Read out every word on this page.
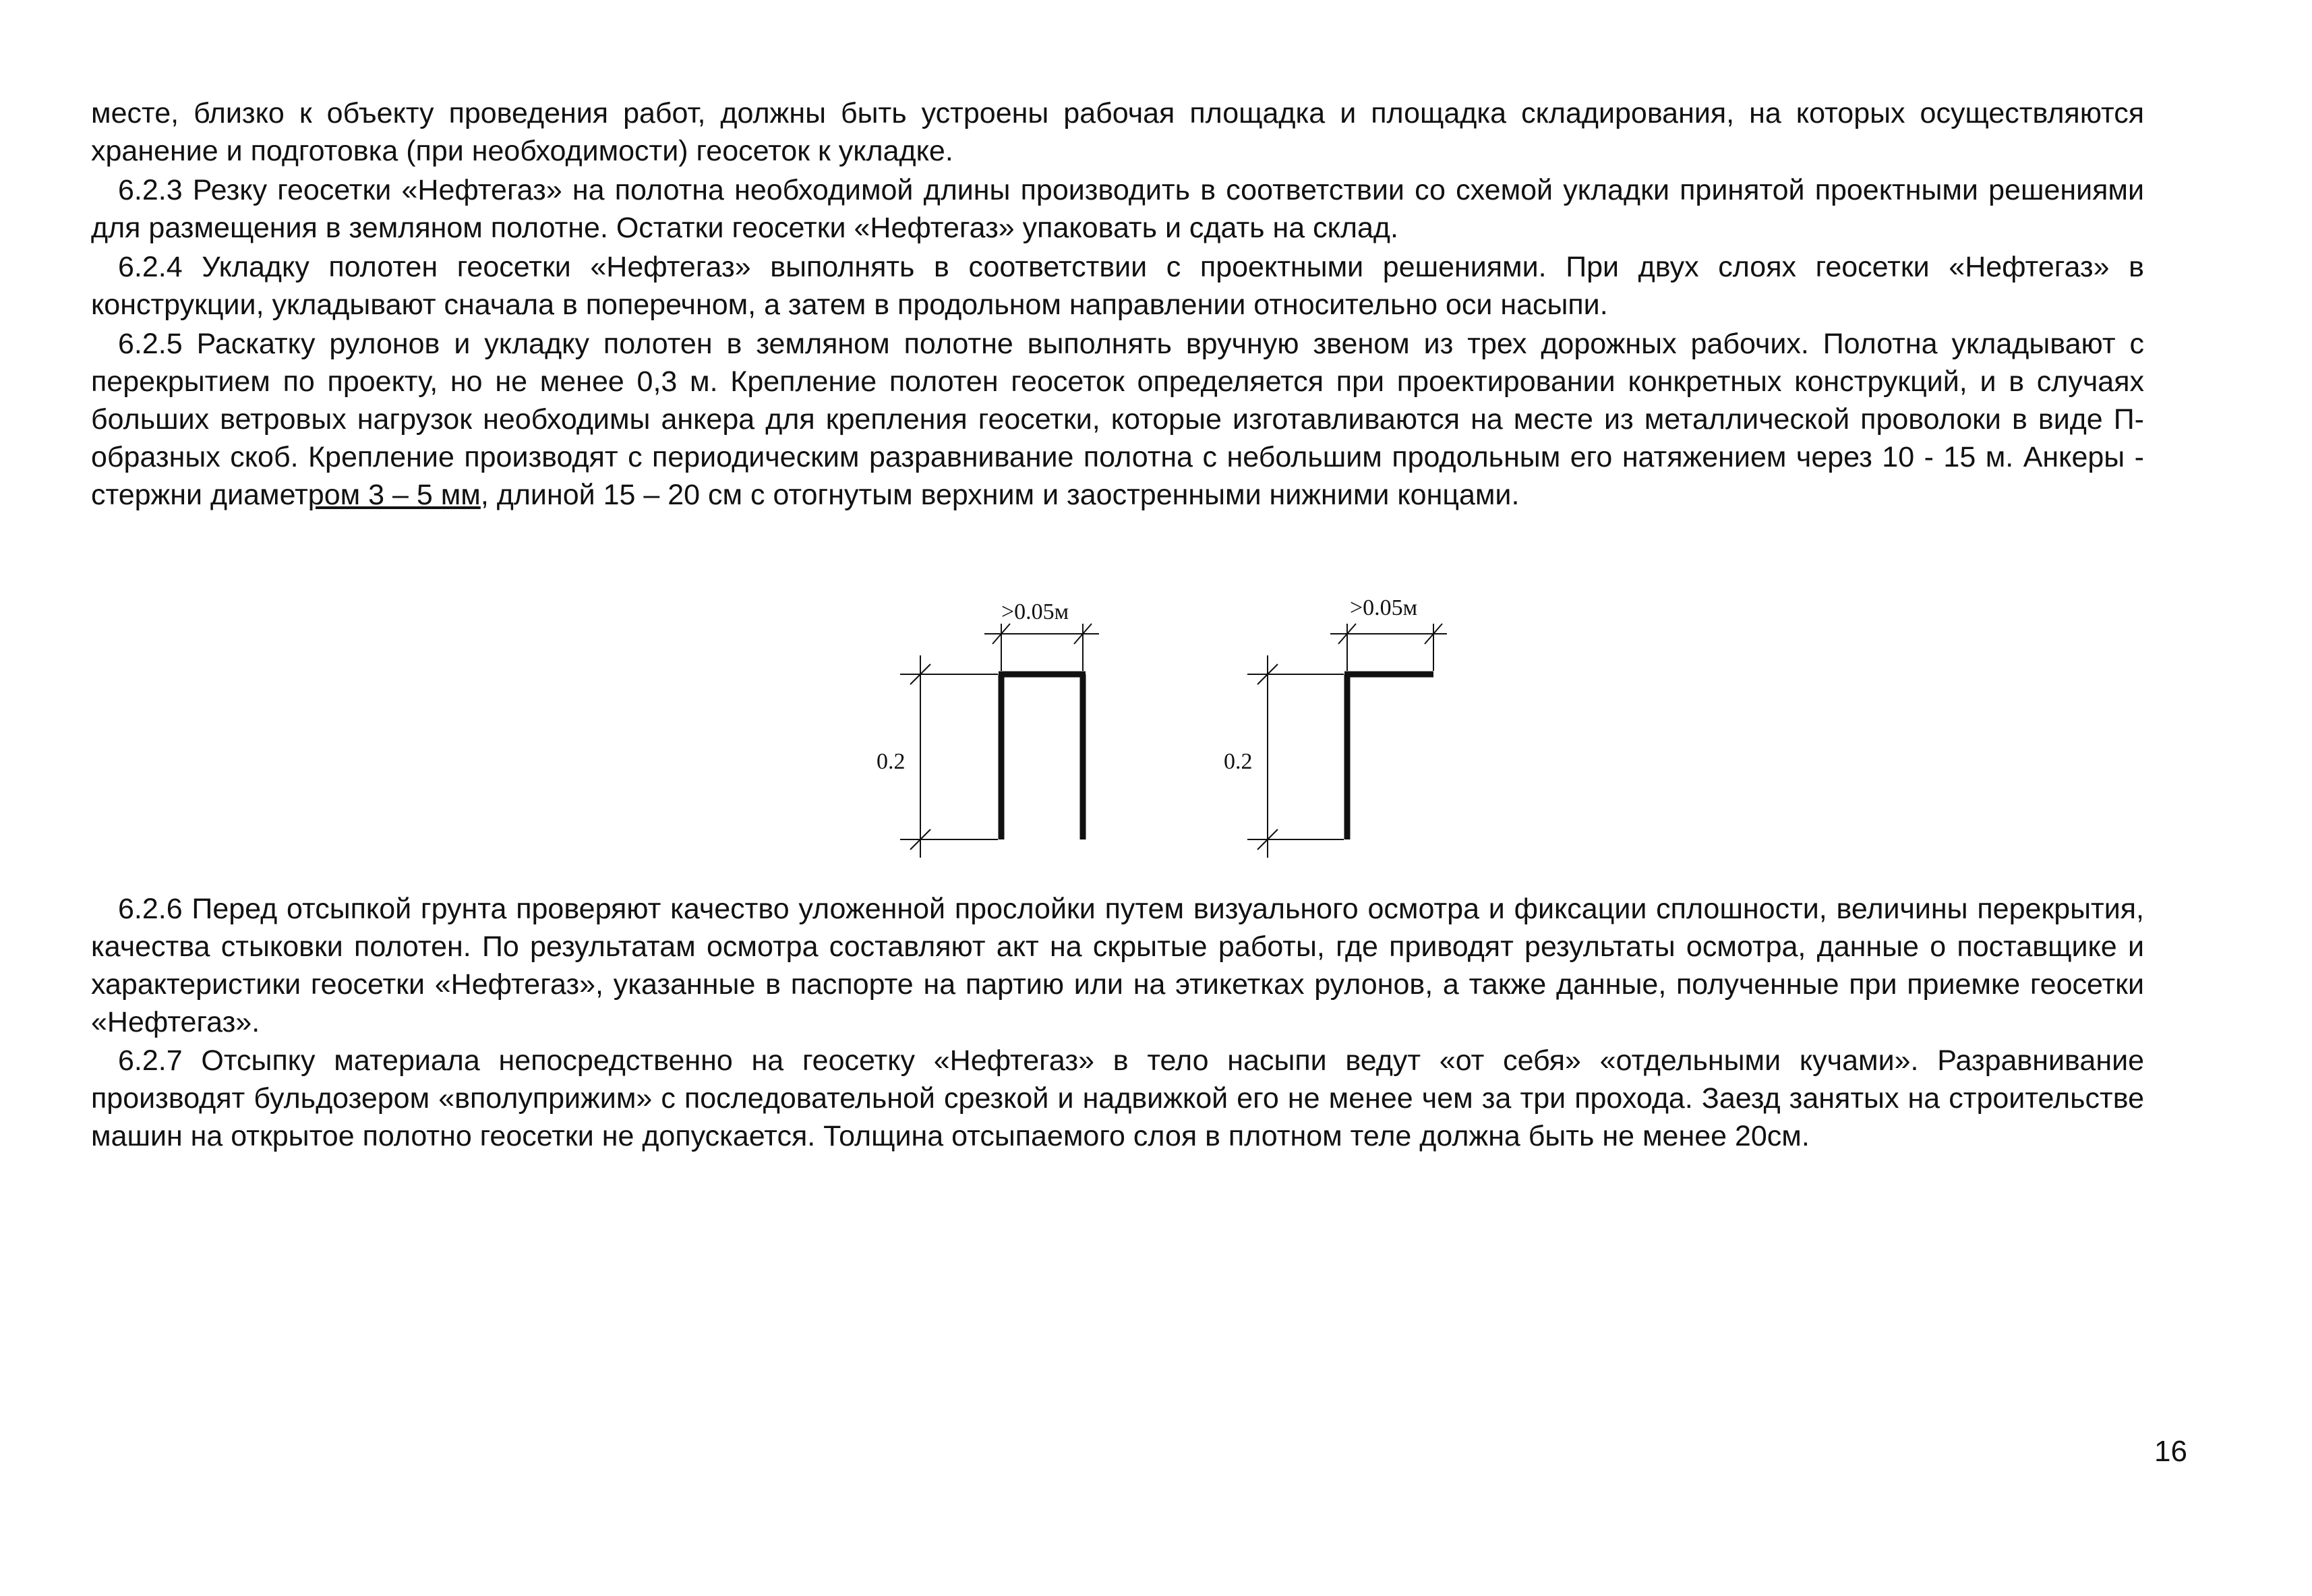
месте, близко к объекту проведения работ, должны быть устроены рабочая площадка и площадка складирования, на которых осуществляются хранение и подготовка (при необходимости) геосеток к укладке.

6.2.3 Резку геосетки «Нефтегаз» на полотна необходимой длины производить в соответствии со схемой укладки принятой проектными решениями для размещения в земляном полотне. Остатки геосетки «Нефтегаз» упаковать и сдать на склад.

6.2.4 Укладку полотен геосетки «Нефтегаз» выполнять в соответствии с проектными решениями. При двух слоях геосетки «Нефтегаз» в конструкции, укладывают сначала в поперечном, а затем в продольном направлении относительно оси насыпи.

6.2.5 Раскатку рулонов и укладку полотен в земляном полотне выполнять вручную звеном из трех дорожных рабочих. Полотна укладывают с перекрытием по проекту, но не менее 0,3 м. Крепление полотен геосеток определяется при проектировании конкретных конструкций, и в случаях больших ветровых нагрузок необходимы анкера для крепления геосетки, которые изготавливаются на месте из металлической проволоки в виде П-образных скоб. Крепление производят с периодическим разравнивание полотна с небольшим продольным его натяжением через 10 - 15 м. Анкеры - стержни диаметром 3 – 5 мм, длиной 15 – 20 см с отогнутым верхним и заостренными нижними концами.

>0.05м
0.2
>0.05м
0.2

6.2.6 Перед отсыпкой грунта проверяют качество уложенной прослойки путем визуального осмотра и фиксации сплошности, величины перекрытия, качества стыковки полотен. По результатам осмотра составляют акт на скрытые работы, где приводят результаты осмотра, данные о поставщике и характеристики геосетки «Нефтегаз», указанные в паспорте на партию или на этикетках рулонов, а также данные, полученные при приемке геосетки «Нефтегаз».

6.2.7 Отсыпку материала непосредственно на геосетку «Нефтегаз» в тело насыпи ведут «от себя» «отдельными кучами». Разравнивание производят бульдозером «вполуприжим» с последовательной срезкой и надвижкой его не менее чем за три прохода. Заезд занятых на строительстве машин на открытое полотно геосетки не допускается. Толщина отсыпаемого слоя в плотном теле должна быть не менее 20см.

16
